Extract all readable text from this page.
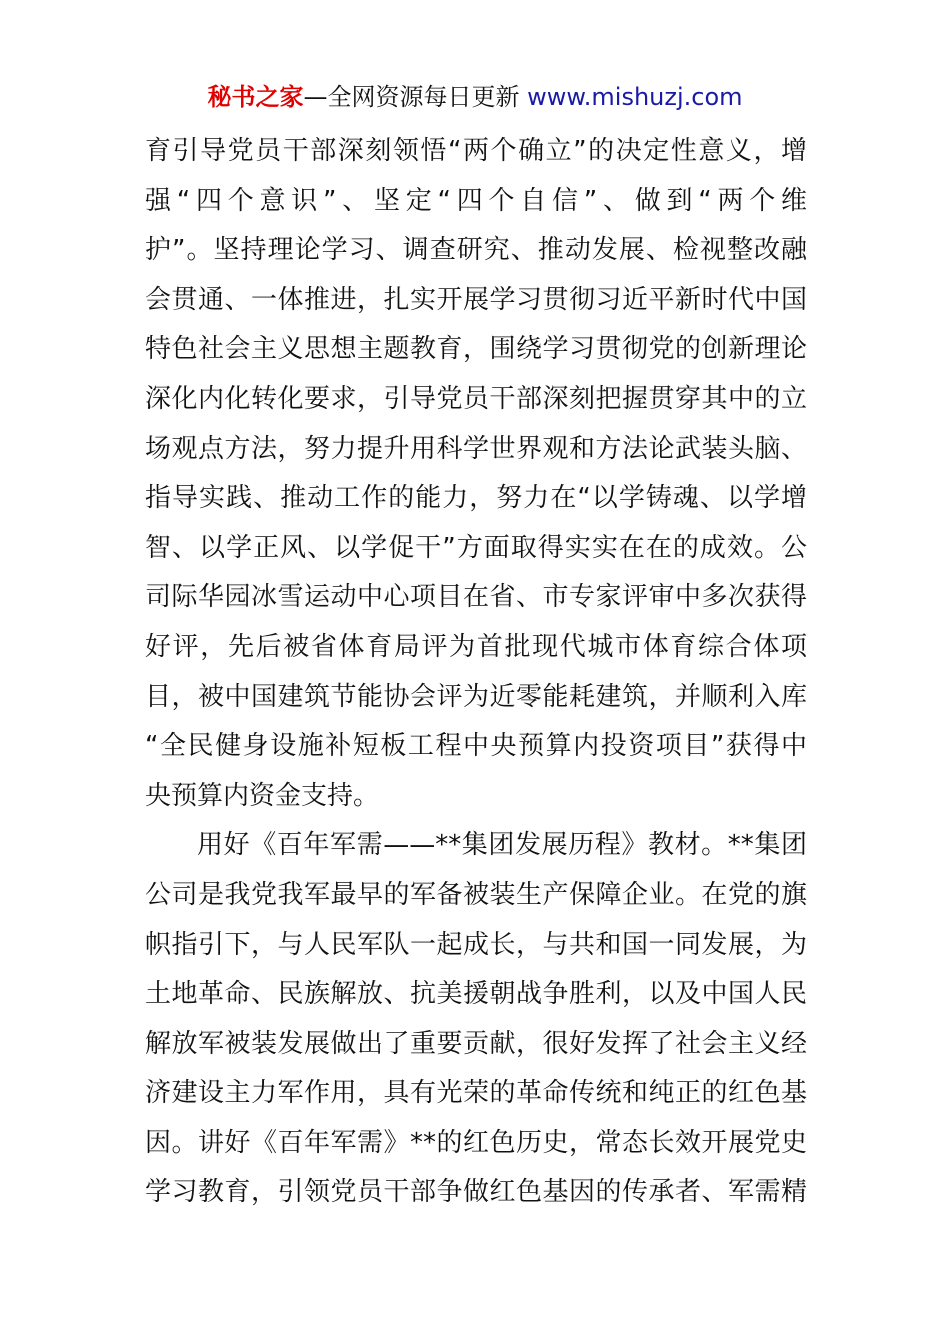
秘书之家—全网资源每日更新 www.mishuzj.com
育引导党员干部深刻领悟“两个确立”的决定性意义，增
强“四个意识”、坚定“四个自信”、做到“两个维
护”。坚持理论学习、调查研究、推动发展、检视整改融
会贯通、一体推进，扎实开展学习贯彻习近平新时代中国
特色社会主义思想主题教育，围绕学习贯彻党的创新理论
深化内化转化要求，引导党员干部深刻把握贯穿其中的立
场观点方法，努力提升用科学世界观和方法论武装头脑、
指导实践、推动工作的能力，努力在“以学铸魂、以学增
智、以学正风、以学促干”方面取得实实在在的成效。公
司际华园冰雪运动中心项目在省、市专家评审中多次获得
好评，先后被省体育局评为首批现代城市体育综合体项
目，被中国建筑节能协会评为近零能耗建筑，并顺利入库
“全民健身设施补短板工程中央预算内投资项目”获得中
央预算内资金支持。
用好《百年军需——**集团发展历程》教材。**集团
公司是我党我军最早的军备被装生产保障企业。在党的旗
帜指引下，与人民军队一起成长，与共和国一同发展，为
土地革命、民族解放、抗美援朝战争胜利，以及中国人民
解放军被装发展做出了重要贡献，很好发挥了社会主义经
济建设主力军作用，具有光荣的革命传统和纯正的红色基
因。讲好《百年军需》**的红色历史，常态长效开展党史
学习教育，引领党员干部争做红色基因的传承者、军需精
